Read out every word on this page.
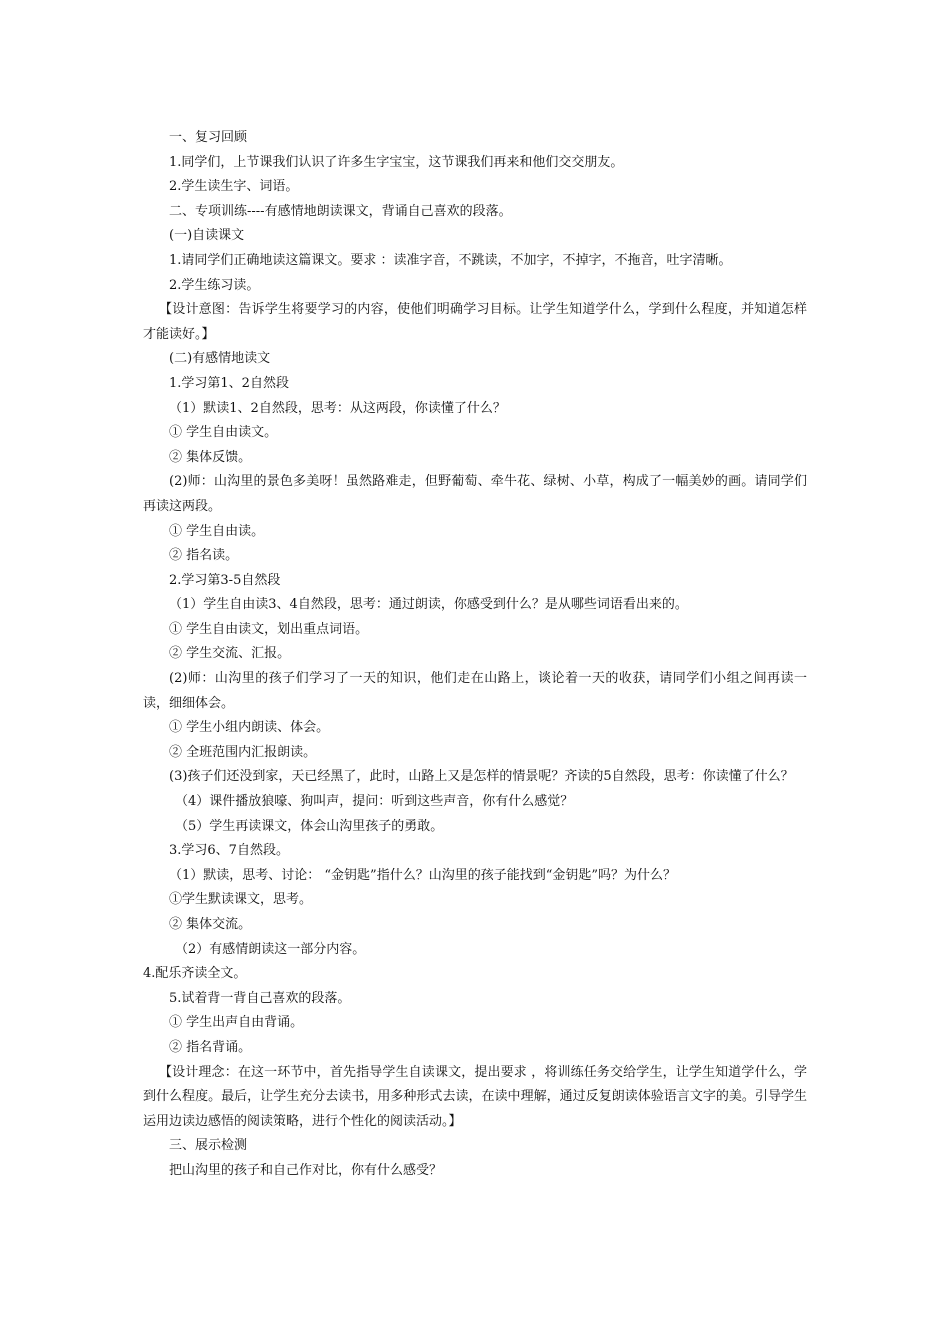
一、复习回顾
1.同学们，上节课我们认识了许多生字宝宝，这节课我们再来和他们交交朋友。
2.学生读生字、词语。
二、专项训练----有感情地朗读课文，背诵自己喜欢的段落。
(一)自读课文
1.请同学们正确地读这篇课文。要求 ：读准字音，不跳读，不加字，不掉字，不拖音，吐字清晰。
2.学生练习读。
【设计意图：告诉学生将要学习的内容，使他们明确学习目标。让学生知道学什么，学到什么程度，并知道怎样才能读好。】
(二)有感情地读文
1.学习第1、2自然段
（1）默读1、2自然段，思考：从这两段，你读懂了什么？
① 学生自由读文。
② 集体反馈。
(2)师：山沟里的景色多美呀！虽然路难走，但野葡萄、牵牛花、绿树、小草，构成了一幅美妙的画。请同学们再读这两段。
① 学生自由读。
② 指名读。
2.学习第3-5自然段
（1）学生自由读3、4自然段，思考：通过朗读，你感受到什么？是从哪些词语看出来的。
① 学生自由读文，划出重点词语。
② 学生交流、汇报。
(2)师：山沟里的孩子们学习了一天的知识，他们走在山路上，谈论着一天的收获，请同学们小组之间再读一读，细细体会。
① 学生小组内朗读、体会。
② 全班范围内汇报朗读。
(3)孩子们还没到家，天已经黑了，此时，山路上又是怎样的情景呢？齐读的5自然段，思考：你读懂了什么？
（4）课件播放狼嚎、狗叫声，提问：听到这些声音，你有什么感觉？
（5）学生再读课文，体会山沟里孩子的勇敢。
3.学习6、7自然段。
（1）默读，思考、讨论： “金钥匙”指什么？山沟里的孩子能找到“金钥匙”吗？为什么？
①学生默读课文，思考。
② 集体交流。
（2）有感情朗读这一部分内容。
4.配乐齐读全文。
5.试着背一背自己喜欢的段落。
① 学生出声自由背诵。
② 指名背诵。
【设计理念：在这一环节中，首先指导学生自读课文，提出要求 ，将训练任务交给学生，让学生知道学什么，学到什么程度。最后，让学生充分去读书，用多种形式去读，在读中理解，通过反复朗读体验语言文字的美。引导学生运用边读边感悟的阅读策略，进行个性化的阅读活动。】
三、展示检测
把山沟里的孩子和自己作对比，你有什么感受？
